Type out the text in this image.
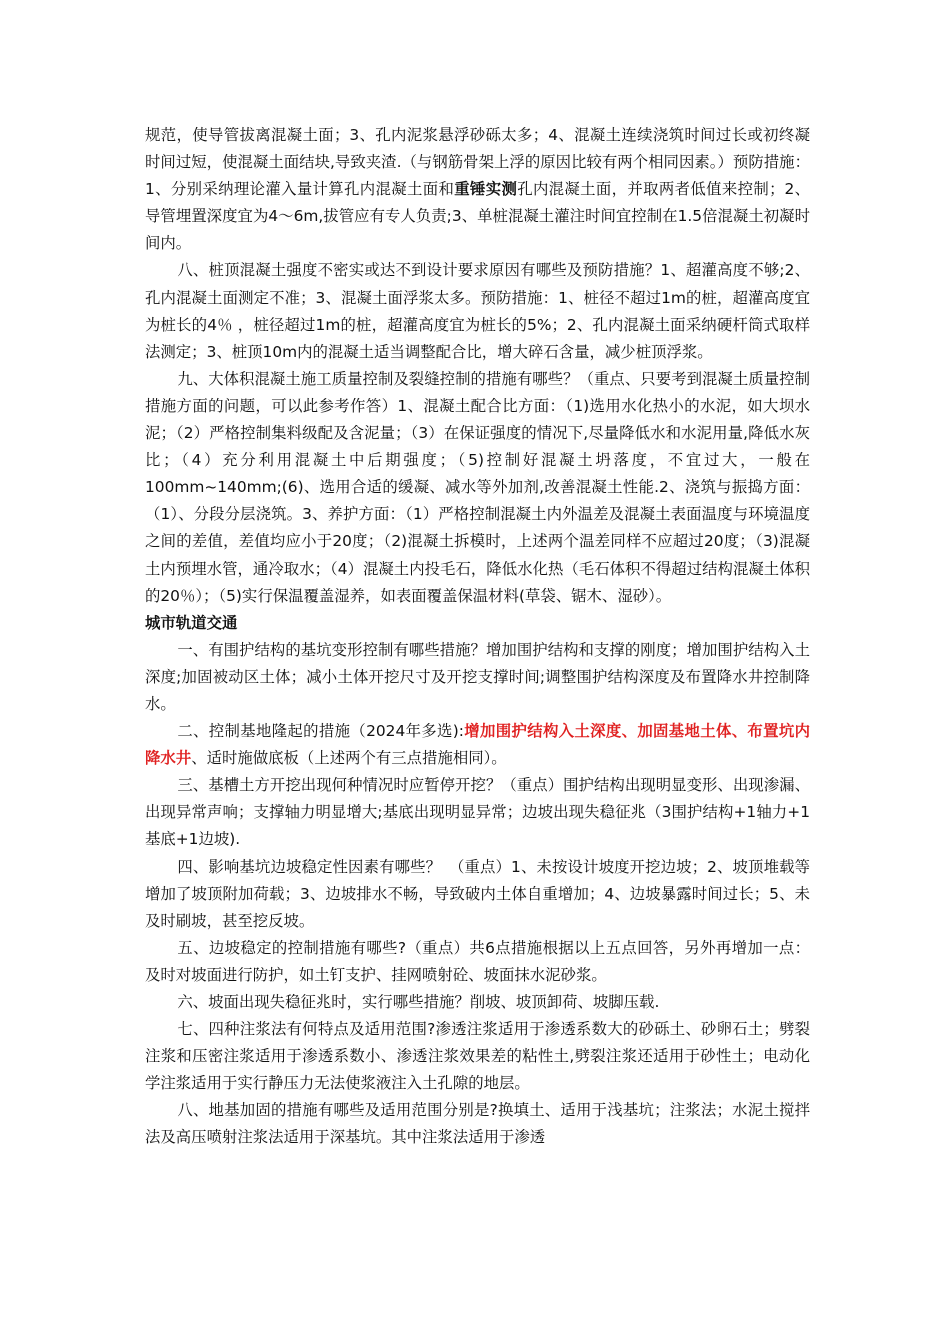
规范，使导管拔离混凝土面；3、孔内泥浆悬浮砂砾太多；4、混凝土连续浇筑时间过长或初终凝时间过短，使混凝土面结块,导致夹渣.（与钢筋骨架上浮的原因比较有两个相同因素。）预防措施：1、分别采纳理论灌入量计算孔内混凝土面和重锤实测孔内混凝土面，并取两者低值来控制；2、导管埋置深度宜为4～6m,拔管应有专人负责;3、单桩混凝土灌注时间宜控制在1.5倍混凝土初凝时间内。

八、桩顶混凝土强度不密实或达不到设计要求原因有哪些及预防措施？1、超灌高度不够;2、孔内混凝土面测定不准；3、混凝土面浮浆太多。预防措施：1、桩径不超过1m的桩，超灌高度宜为桩长的4％ ，桩径超过1m的桩，超灌高度宜为桩长的5%；2、孔内混凝土面采纳硬杆筒式取样法测定；3、桩顶10m内的混凝土适当调整配合比，增大碎石含量，减少桩顶浮浆。

九、大体积混凝土施工质量控制及裂缝控制的措施有哪些？（重点、只要考到混凝土质量控制措施方面的问题，可以此参考作答）1、混凝土配合比方面：（1)选用水化热小的水泥，如大坝水泥；（2）严格控制集料级配及含泥量；（3）在保证强度的情况下,尽量降低水和水泥用量,降低水灰比；（4）充分利用混凝土中后期强度；（5)控制好混凝土坍落度，不宜过大，一般在100mm~140mm;(6)、选用合适的缓凝、减水等外加剂,改善混凝土性能.2、浇筑与振捣方面：（1）、分段分层浇筑。3、养护方面：（1）严格控制混凝土内外温差及混凝土表面温度与环境温度之间的差值，差值均应小于20度；（2)混凝土拆模时，上述两个温差同样不应超过20度；（3)混凝土内预埋水管，通冷取水；（4）混凝土内投毛石，降低水化热（毛石体积不得超过结构混凝土体积的20％）；（5)实行保温覆盖湿养，如表面覆盖保温材料(草袋、锯木、湿砂）。

城市轨道交通

一、有围护结构的基坑变形控制有哪些措施？增加围护结构和支撑的刚度；增加围护结构入土深度;加固被动区土体；减小土体开挖尺寸及开挖支撑时间;调整围护结构深度及布置降水井控制降水。

二、控制基地隆起的措施（2024年多选):增加围护结构入土深度、加固基地土体、布置坑内降水井、适时施做底板（上述两个有三点措施相同）。

三、基槽土方开挖出现何种情况时应暂停开挖？（重点）围护结构出现明显变形、出现渗漏、出现异常声响；支撑轴力明显增大;基底出现明显异常；边坡出现失稳征兆（3围护结构+1轴力+1基底+1边坡).

四、影响基坑边坡稳定性因素有哪些？　（重点）1、未按设计坡度开挖边坡；2、坡顶堆载等增加了坡顶附加荷载；3、边坡排水不畅，导致破内土体自重增加；4、边坡暴露时间过长；5、未及时刷坡，甚至挖反坡。

五、边坡稳定的控制措施有哪些?（重点）共6点措施根据以上五点回答，另外再增加一点：及时对坡面进行防护，如土钉支护、挂网喷射砼、坡面抹水泥砂浆。

六、坡面出现失稳征兆时，实行哪些措施？削坡、坡顶卸荷、坡脚压载.

七、四种注浆法有何特点及适用范围?渗透注浆适用于渗透系数大的砂砾土、砂卵石土；劈裂注浆和压密注浆适用于渗透系数小、渗透注浆效果差的粘性土,劈裂注浆还适用于砂性土；电动化学注浆适用于实行静压力无法使浆液注入土孔隙的地层。

八、地基加固的措施有哪些及适用范围分别是?换填土、适用于浅基坑；注浆法；水泥土搅拌法及高压喷射注浆法适用于深基坑。其中注浆法适用于渗透
